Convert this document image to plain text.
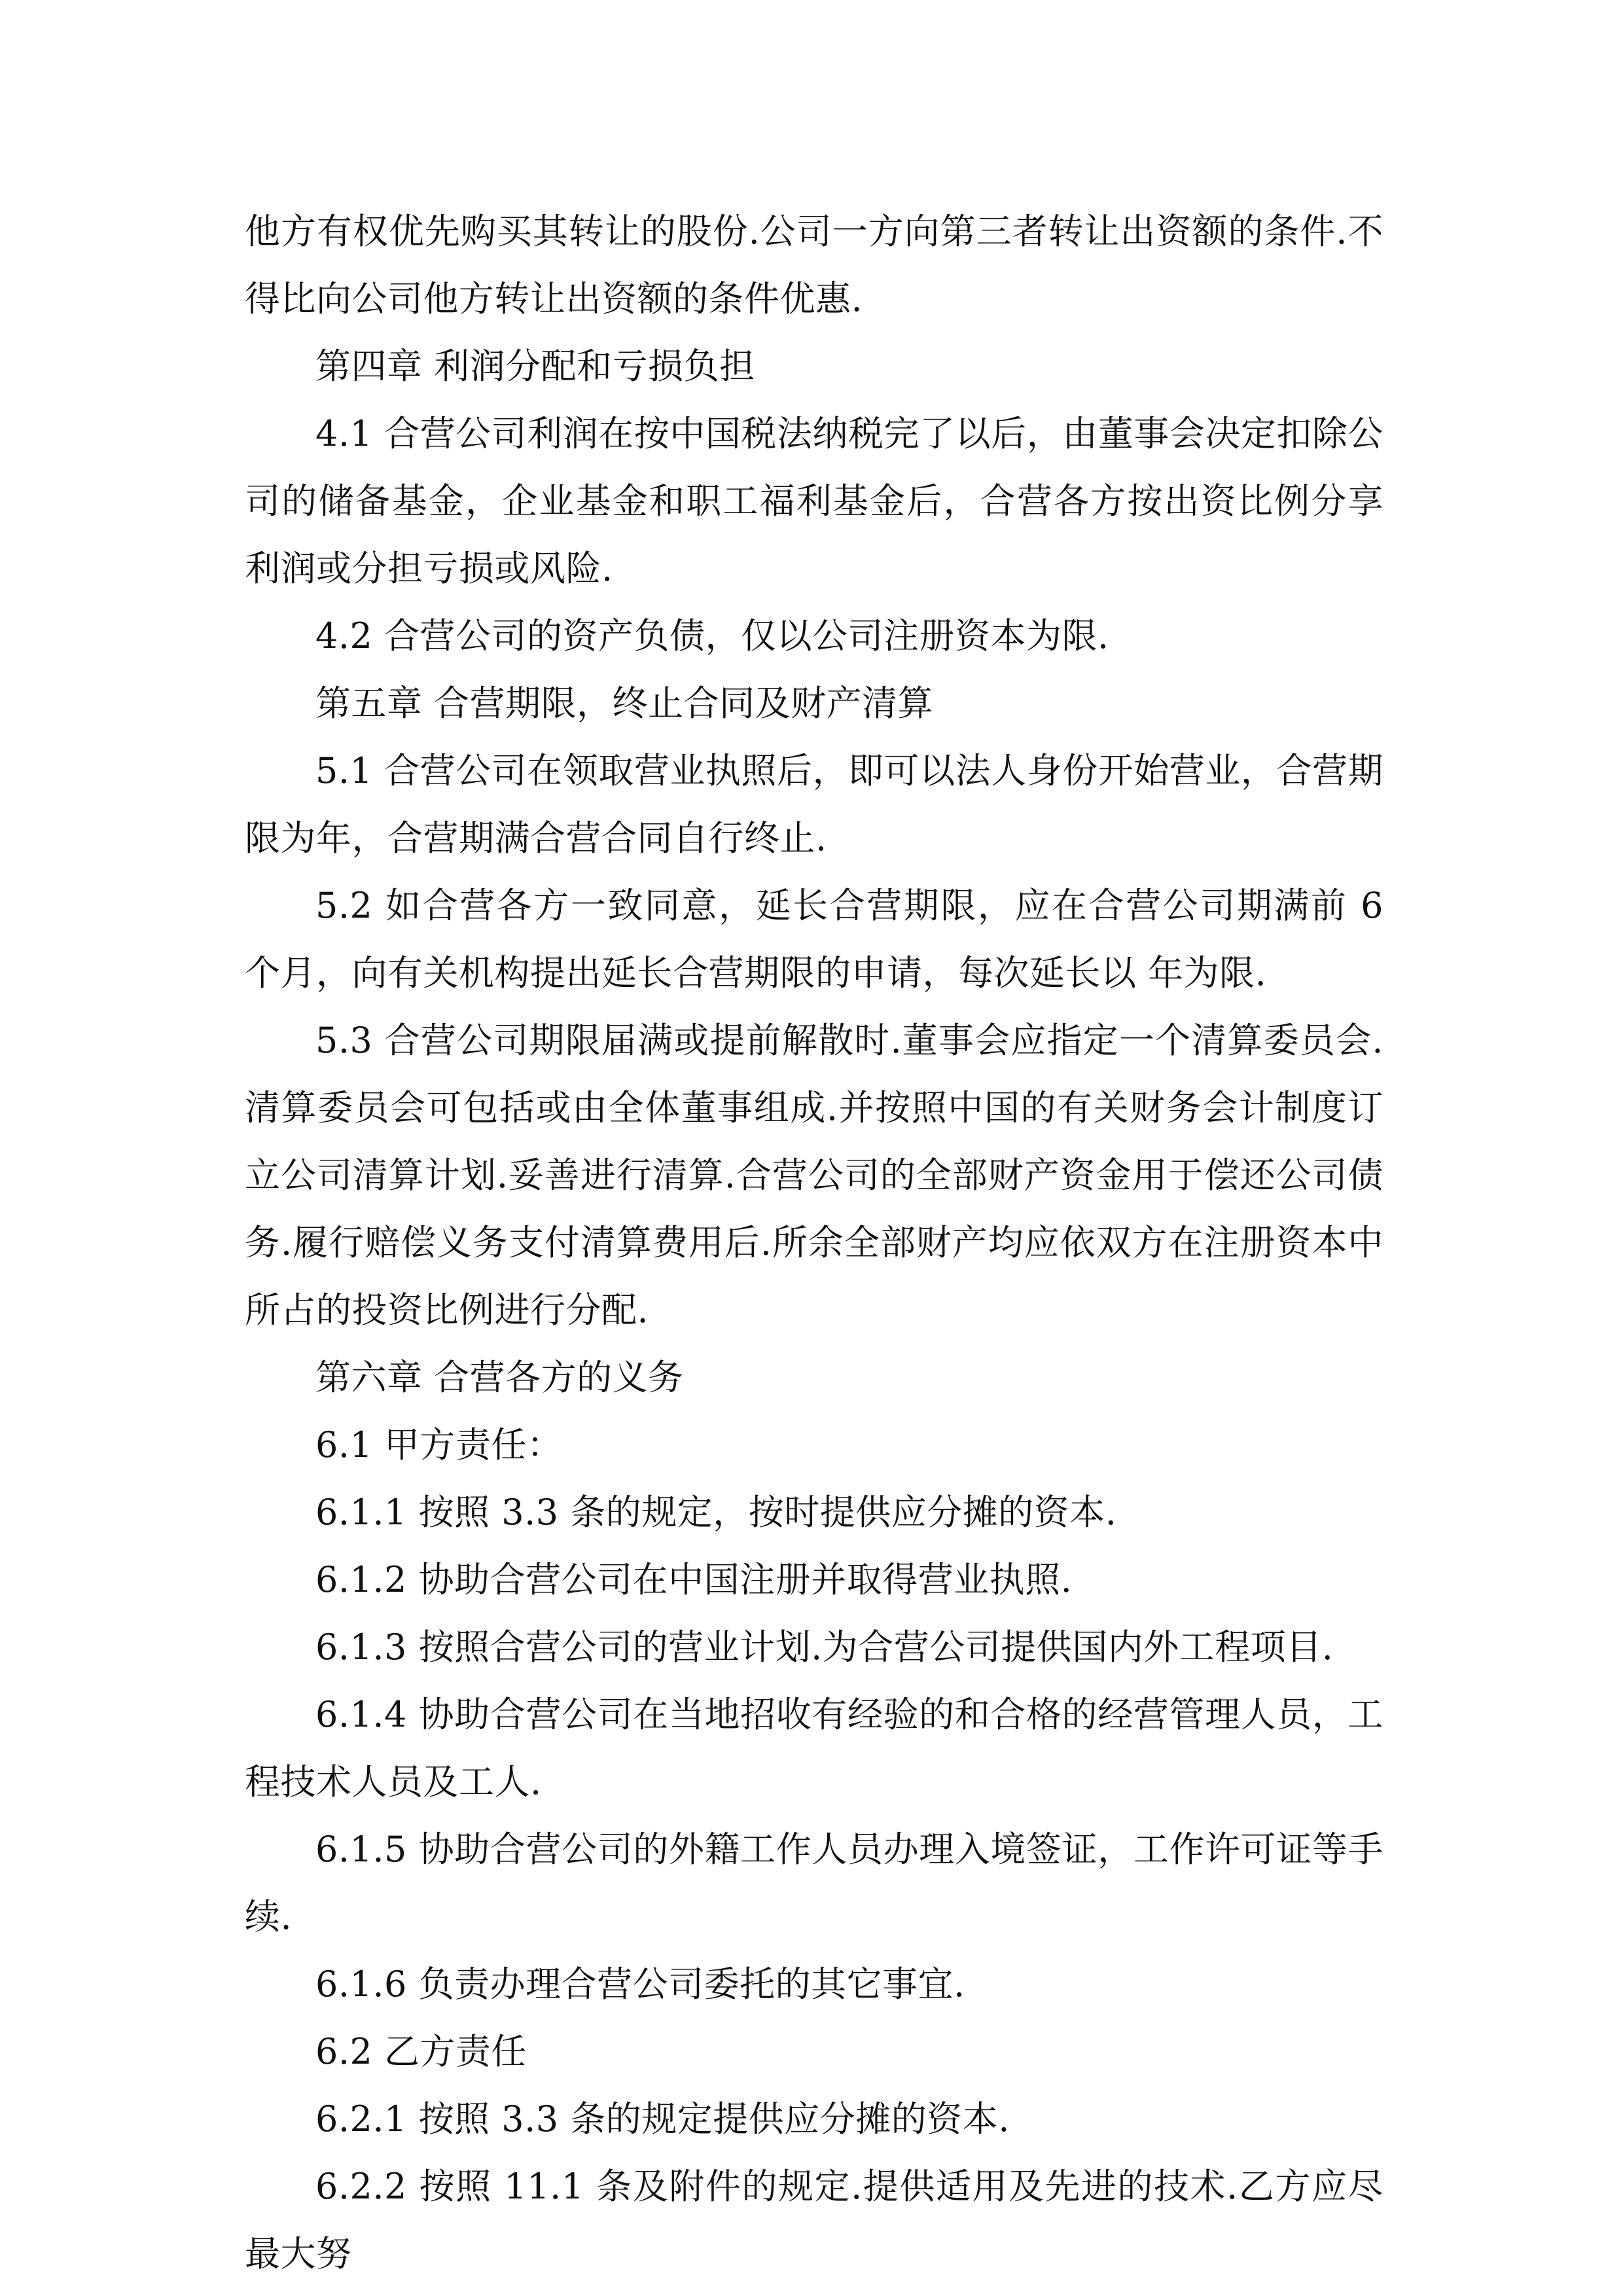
他方有权优先购买其转让的股份.公司一方向第三者转让出资额的条件.不得比向公司他方转让出资额的条件优惠.

第四章 利润分配和亏损负担

4.1 合营公司利润在按中国税法纳税完了以后，由董事会决定扣除公司的储备基金，企业基金和职工福利基金后，合营各方按出资比例分享利润或分担亏损或风险.

4.2 合营公司的资产负债，仅以公司注册资本为限.

第五章 合营期限，终止合同及财产清算

5.1 合营公司在领取营业执照后，即可以法人身份开始营业，合营期限为年，合营期满合营合同自行终止.

5.2 如合营各方一致同意，延长合营期限，应在合营公司期满前 6 个月，向有关机构提出延长合营期限的申请，每次延长以 年为限.

5.3 合营公司期限届满或提前解散时.董事会应指定一个清算委员会.清算委员会可包括或由全体董事组成.并按照中国的有关财务会计制度订立公司清算计划.妥善进行清算.合营公司的全部财产资金用于偿还公司债务.履行赔偿义务支付清算费用后.所余全部财产均应依双方在注册资本中所占的投资比例进行分配.

第六章 合营各方的义务

6.1 甲方责任：

6.1.1 按照 3.3 条的规定，按时提供应分摊的资本.

6.1.2 协助合营公司在中国注册并取得营业执照.

6.1.3 按照合营公司的营业计划.为合营公司提供国内外工程项目.

6.1.4 协助合营公司在当地招收有经验的和合格的经营管理人员，工程技术人员及工人.

6.1.5 协助合营公司的外籍工作人员办理入境签证，工作许可证等手续.

6.1.6 负责办理合营公司委托的其它事宜.

6.2 乙方责任

6.2.1 按照 3.3 条的规定提供应分摊的资本.

6.2.2 按照 11.1 条及附件的规定.提供适用及先进的技术.乙方应尽最大努
